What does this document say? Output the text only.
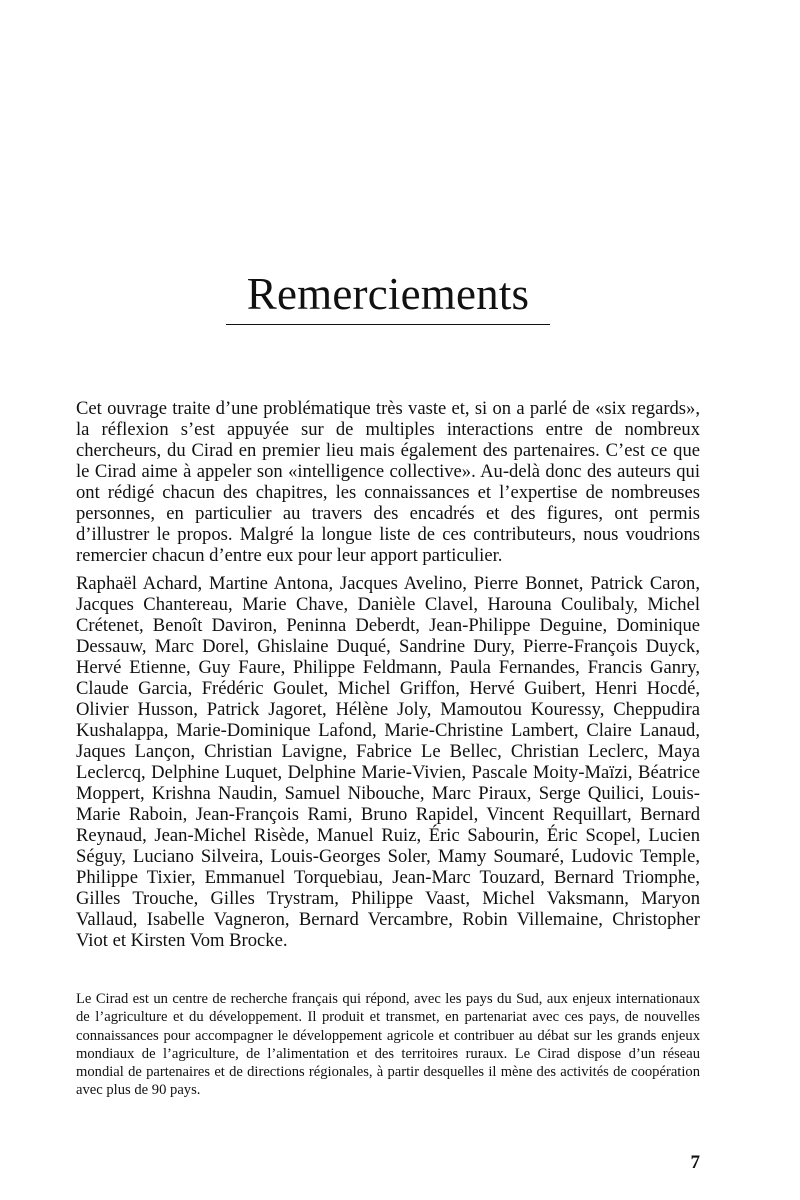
Remerciements

Cet ouvrage traite d’une problématique très vaste et, si on a parlé de «six regards», la réflexion s’est appuyée sur de multiples interactions entre de nombreux chercheurs, du Cirad en premier lieu mais également des partenaires. C’est ce que le Cirad aime à appeler son «intelligence collective». Au-delà donc des auteurs qui ont rédigé chacun des chapitres, les connaissances et l’expertise de nombreuses personnes, en particulier au travers des encadrés et des figures, ont permis d’illustrer le propos. Malgré la longue liste de ces contributeurs, nous voudrions remercier chacun d’entre eux pour leur apport particulier.

Raphaël Achard, Martine Antona, Jacques Avelino, Pierre Bonnet, Patrick Caron, Jacques Chantereau, Marie Chave, Danièle Clavel, Harouna Coulibaly, Michel Crétenet, Benoît Daviron, Peninna Deberdt, Jean-Philippe Deguine, Dominique Dessauw, Marc Dorel, Ghislaine Duqué, Sandrine Dury, Pierre-François Duyck, Hervé Etienne, Guy Faure, Philippe Feldmann, Paula Fernandes, Francis Ganry, Claude Garcia, Frédéric Goulet, Michel Griffon, Hervé Guibert, Henri Hocdé, Olivier Husson, Patrick Jagoret, Hélène Joly, Mamoutou Kouressy, Cheppudira Kushalappa, Marie-Dominique Lafond, Marie-Christine Lambert, Claire Lanaud, Jaques Lançon, Christian Lavigne, Fabrice Le Bellec, Christian Leclerc, Maya Leclercq, Delphine Luquet, Delphine Marie-Vivien, Pascale Moity-Maïzi, Béatrice Moppert, Krishna Naudin, Samuel Nibouche, Marc Piraux, Serge Quilici, Louis-Marie Raboin, Jean-François Rami, Bruno Rapidel, Vincent Requillart, Bernard Reynaud, Jean-Michel Risède, Manuel Ruiz, Éric Sabourin, Éric Scopel, Lucien Séguy, Luciano Silveira, Louis-Georges Soler, Mamy Soumaré, Ludovic Temple, Philippe Tixier, Emmanuel Torquebiau, Jean-Marc Touzard, Bernard Triomphe, Gilles Trouche, Gilles Trystram, Philippe Vaast, Michel Vaksmann, Maryon Vallaud, Isabelle Vagneron, Bernard Vercambre, Robin Villemaine, Christopher Viot et Kirsten Vom Brocke.

Le Cirad est un centre de recherche français qui répond, avec les pays du Sud, aux enjeux internationaux de l’agriculture et du développement. Il produit et transmet, en partenariat avec ces pays, de nouvelles connaissances pour accompagner le développement agricole et contribuer au débat sur les grands enjeux mondiaux de l’agriculture, de l’alimentation et des territoires ruraux. Le Cirad dispose d’un réseau mondial de partenaires et de directions régionales, à partir desquelles il mène des activités de coopération avec plus de 90 pays.

7
